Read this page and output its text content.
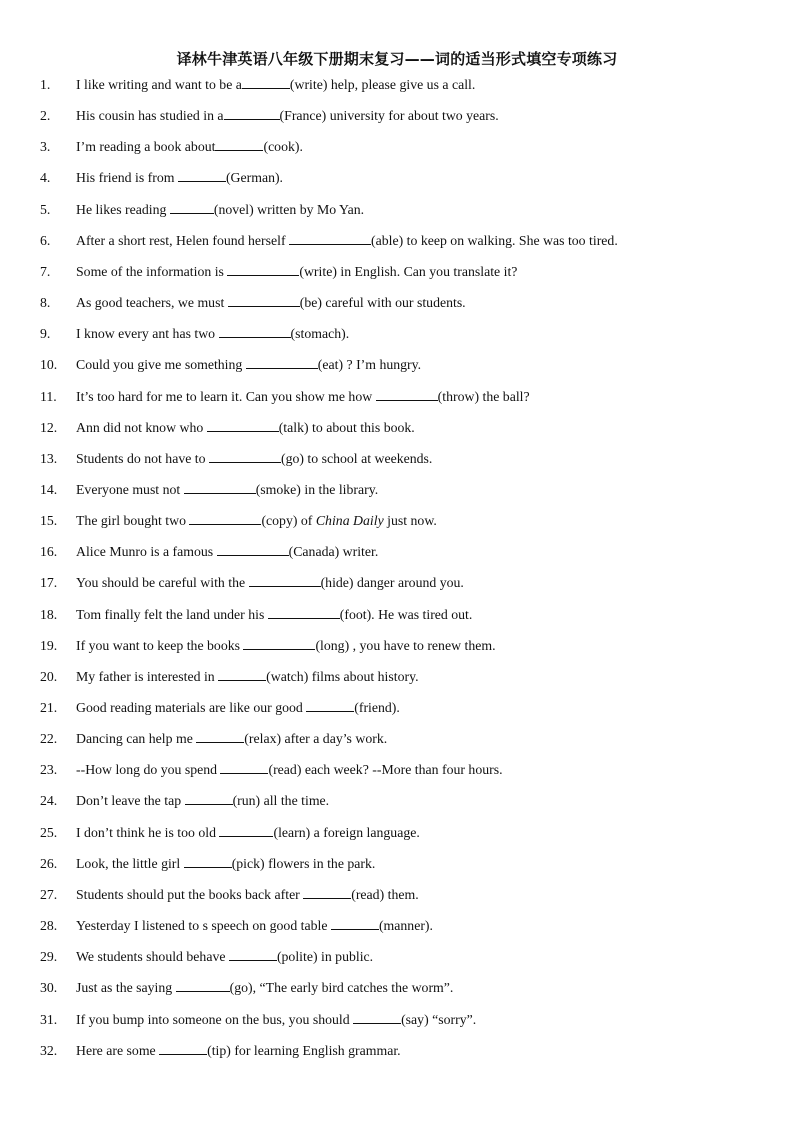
译林牛津英语八年级下册期末复习——词的适当形式填空专项练习
1.	I like writing and want to be a	(write) help, please give us a call.
2.	His cousin has studied in a	(France) university for about two years.
3.	I’m reading a book about	(cook).
4.	His friend is from	(German).
5.	He likes reading	(novel) written by Mo Yan.
6.	After a short rest, Helen found herself	(able) to keep on walking. She was too tired.
7.	Some of the information is	(write) in English. Can you translate it?
8.	As good teachers, we must	(be) careful with our students.
9.	I know every ant has two	(stomach).
10.	Could you give me something	(eat) ? I’m hungry.
11.	It’s too hard for me to learn it. Can you show me how	(throw) the ball?
12.	Ann did not know who	(talk) to about this book.
13.	Students do not have to	(go) to school at weekends.
14.	Everyone must not	(smoke) in the library.
15.	The girl bought two	(copy) of China Daily just now.
16.	Alice Munro is a famous	(Canada) writer.
17.	You should be careful with the	(hide) danger around you.
18.	Tom finally felt the land under his	(foot). He was tired out.
19.	If you want to keep the books	(long) , you have to renew them.
20.	My father is interested in	(watch) films about history.
21.	Good reading materials are like our good	(friend).
22.	Dancing can help me	(relax) after a day’s work.
23.	--How long do you spend	(read) each week? --More than four hours.
24.	Don’t leave the tap	(run) all the time.
25.	I don’t think he is too old	(learn) a foreign language.
26.	Look, the little girl	(pick) flowers in the park.
27.	Students should put the books back after	(read) them.
28.	Yesterday I listened to s speech on good table	(manner).
29.	We students should behave	(polite) in public.
30.	Just as the saying	(go), “The early bird catches the worm”.
31.	If you bump into someone on the bus, you should	(say) “sorry”.
32.	Here are some	(tip) for learning English grammar.
